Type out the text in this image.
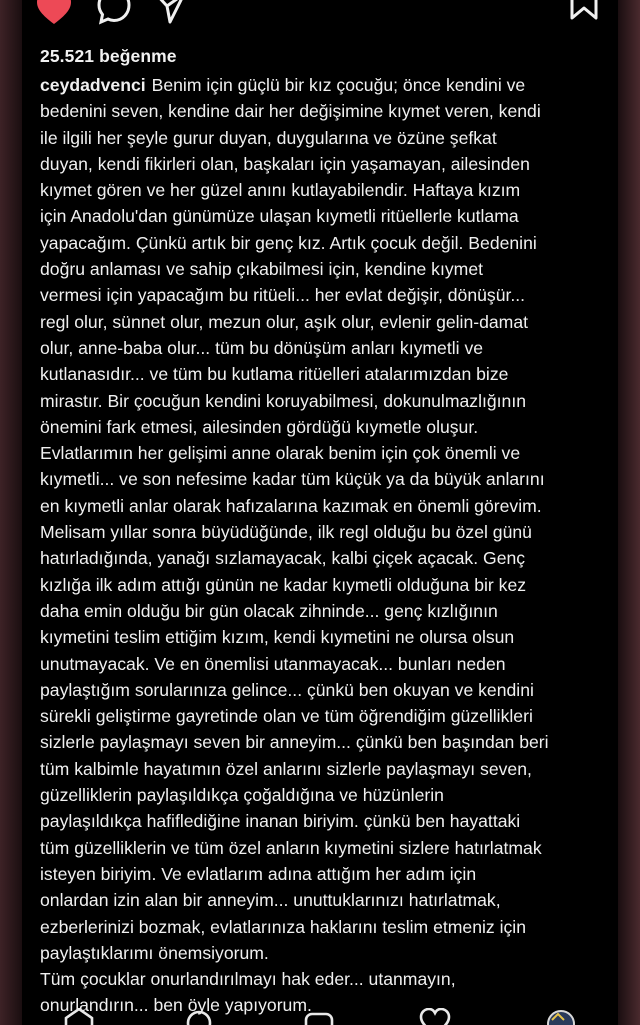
25.521 beğenme
ceydadvenci Benim için güçlü bir kız çocuğu; önce kendini ve
bedenini seven, kendine dair her değişimine kıymet veren, kendi
ile ilgili her şeyle gurur duyan, duygularına ve özüne şefkat
duyan, kendi fikirleri olan, başkaları için yaşamayan, ailesinden
kıymet gören ve her güzel anını kutlayabilendir. Haftaya kızım
için Anadolu'dan günümüze ulaşan kıymetli ritüellerle kutlama
yapacağım. Çünkü artık bir genç kız. Artık çocuk değil. Bedenini
doğru anlaması ve sahip çıkabilmesi için, kendine kıymet
vermesi için yapacağım bu ritüeli... her evlat değişir, dönüşür...
regl olur, sünnet olur, mezun olur, aşık olur, evlenir gelin-damat
olur, anne-baba olur... tüm bu dönüşüm anları kıymetli ve
kutlanasıdır... ve tüm bu kutlama ritüelleri atalarımızdan bize
mirastır. Bir çocuğun kendini koruyabilmesi, dokunulmazlığının
önemini fark etmesi, ailesinden gördüğü kıymetle oluşur.
Evlatlarımın her gelişimi anne olarak benim için çok önemli ve
kıymetli... ve son nefesime kadar tüm küçük ya da büyük anlarını
en kıymetli anlar olarak hafızalarına kazımak en önemli görevim.
Melisam yıllar sonra büyüdüğünde, ilk regl olduğu bu özel günü
hatırladığında, yanağı sızlamayacak, kalbi çiçek açacak. Genç
kızlığa ilk adım attığı günün ne kadar kıymetli olduğuna bir kez
daha emin olduğu bir gün olacak zihninde... genç kızlığının
kıymetini teslim ettiğim kızım, kendi kıymetini ne olursa olsun
unutmayacak. Ve en önemlisi utanmayacak... bunları neden
paylaştığım sorularınıza gelince... çünkü ben okuyan ve kendini
sürekli geliştirme gayretinde olan ve tüm öğrendiğim güzellikleri
sizlerle paylaşmayı seven bir anneyim... çünkü ben başından beri
tüm kalbimle hayatımın özel anlarını sizlerle paylaşmayı seven,
güzelliklerin paylaşıldıkça çoğaldığına ve hüzünlerin
paylaşıldıkça hafiflediğine inanan biriyim. çünkü ben hayattaki
tüm güzelliklerin ve tüm özel anların kıymetini sizlere hatırlatmak
isteyen biriyim. Ve evlatlarım adına attığım her adım için
onlardan izin alan bir anneyim... unuttuklarınızı hatırlatmak,
ezberlerinizi bozmak, evlatlarınıza haklarını teslim etmeniz için
paylaştıklarımı önemsiyorum.
Tüm çocuklar onurlandırılmayı hak eder... utanmayın,
onurlandırın... ben öyle yapıyorum.
